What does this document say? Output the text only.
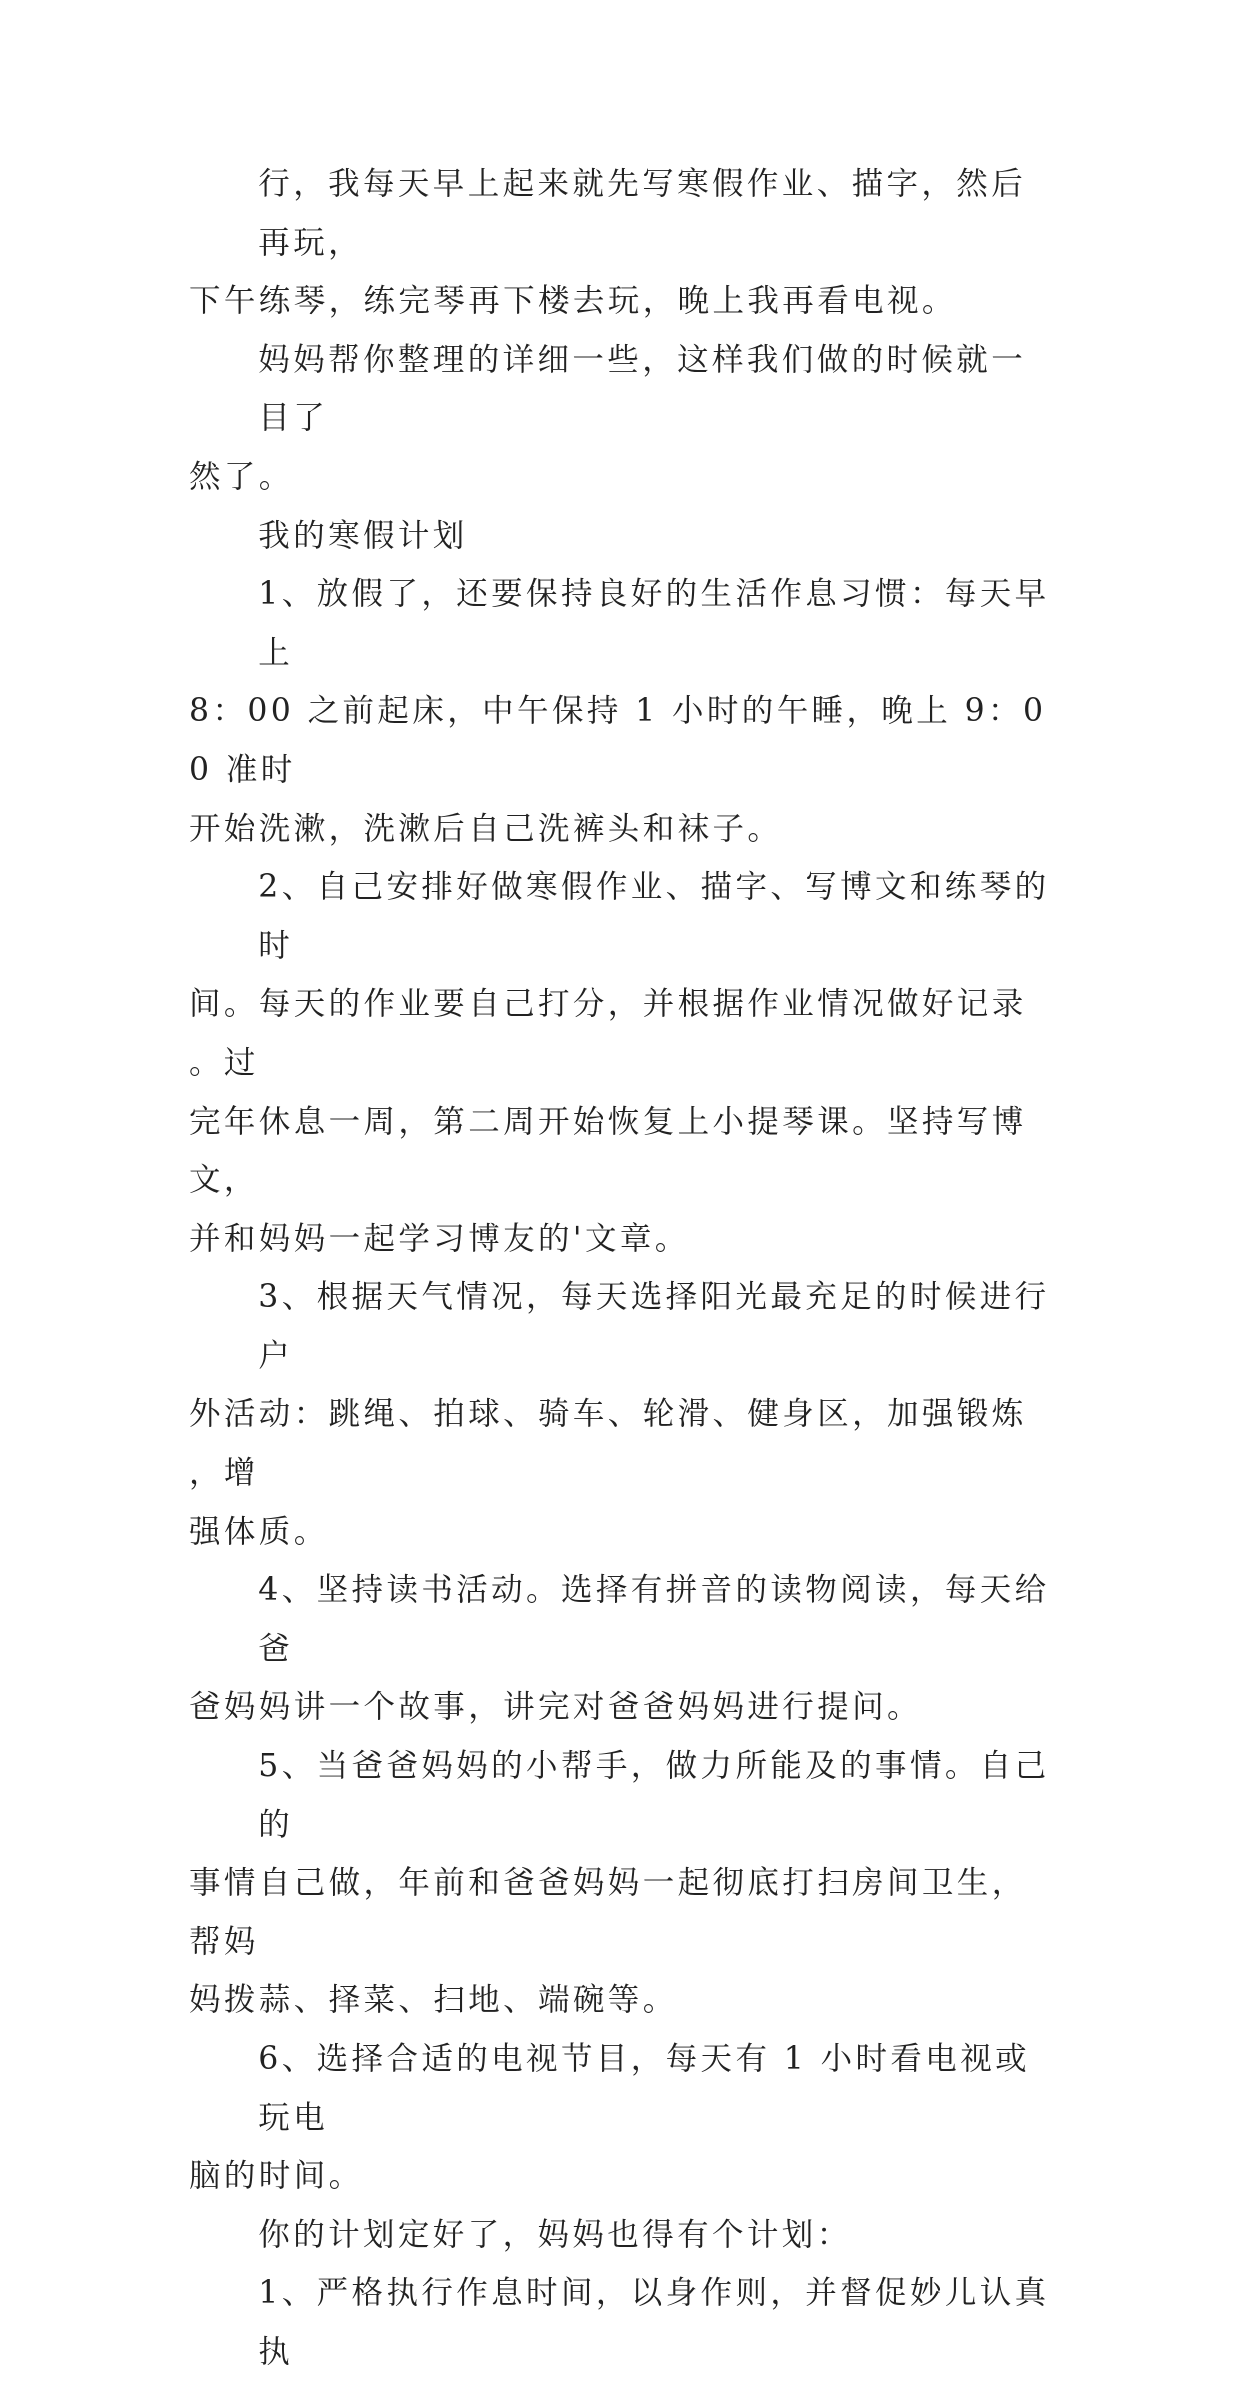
行，我每天早上起来就先写寒假作业、描字，然后再玩，
下午练琴，练完琴再下楼去玩，晚上我再看电视。
妈妈帮你整理的详细一些，这样我们做的时候就一目了
然了。
我的寒假计划
1、放假了，还要保持良好的生活作息习惯：每天早上
8：00 之前起床，中午保持 1 小时的午睡，晚上 9：00 准时
开始洗漱，洗漱后自己洗裤头和袜子。
2、自己安排好做寒假作业、描字、写博文和练琴的时
间。每天的作业要自己打分，并根据作业情况做好记录。过
完年休息一周，第二周开始恢复上小提琴课。坚持写博文，
并和妈妈一起学习博友的'文章。
3、根据天气情况，每天选择阳光最充足的时候进行户
外活动：跳绳、拍球、骑车、轮滑、健身区，加强锻炼，增
强体质。
4、坚持读书活动。选择有拼音的读物阅读，每天给爸
爸妈妈讲一个故事，讲完对爸爸妈妈进行提问。
5、当爸爸妈妈的小帮手，做力所能及的事情。自己的
事情自己做，年前和爸爸妈妈一起彻底打扫房间卫生，帮妈
妈拨蒜、择菜、扫地、端碗等。
6、选择合适的电视节目，每天有 1 小时看电视或玩电
脑的时间。
你的计划定好了，妈妈也得有个计划：
1、严格执行作息时间，以身作则，并督促妙儿认真执
